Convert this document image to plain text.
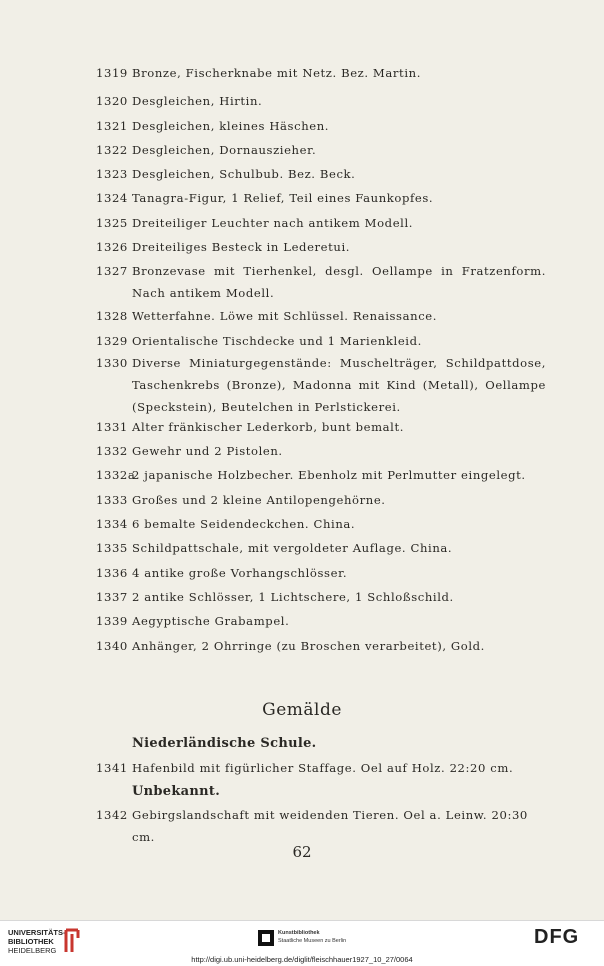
1319 Bronze, Fischerknabe mit Netz. Bez. Martin.
1320 Desgleichen, Hirtin.
1321 Desgleichen, kleines Häschen.
1322 Desgleichen, Dornauszieher.
1323 Desgleichen, Schulbub. Bez. Beck.
1324 Tanagra-Figur, 1 Relief, Teil eines Faunkopfes.
1325 Dreiteiliger Leuchter nach antikem Modell.
1326 Dreiteiliges Besteck in Lederetui.
1327 Bronzevase mit Tierhenkel, desgl. Oellampe in Fratzenform. Nach antikem Modell.
1328 Wetterfahne. Löwe mit Schlüssel. Renaissance.
1329 Orientalische Tischdecke und 1 Marienkleid.
1330 Diverse Miniaturgegenstände: Muschelträger, Schildpattdose, Taschenkrebs (Bronze), Madonna mit Kind (Metall), Oellampe (Speckstein), Beutelchen in Perlstickerei.
1331 Alter fränkischer Lederkorb, bunt bemalt.
1332 Gewehr und 2 Pistolen.
1332a
2 japanische Holzbecher. Ebenholz mit Perlmutter eingelegt.
1333 Großes und 2 kleine Antilopengehörne.
1334 6 bemalte Seidendeckchen. China.
1335 Schildpattschale, mit vergoldeter Auflage. China.
1336 4 antike große Vorhangschlösser.
1337 2 antike Schlösser, 1 Lichtschere, 1 Schloßschild.
1339 Aegyptische Grabampel.
1340 Anhänger, 2 Ohrringe (zu Broschen verarbeitet), Gold.
Gemälde
Niederländische Schule.
1341 Hafenbild mit figürlicher Staffage. Oel auf Holz. 22:20 cm.
Unbekannt.
1342 Gebirgslandschaft mit weidenden Tieren. Oel a. Leinw. 20:30 cm.
62
UNIVERSITÄTS-
BIBLIOTHEK
HEIDELBERG
Kunstbibliothek
Staatliche Museen zu Berlin	DFG
http://digi.ub.uni-heidelberg.de/diglit/fleischhauer1927_10_27/0064
